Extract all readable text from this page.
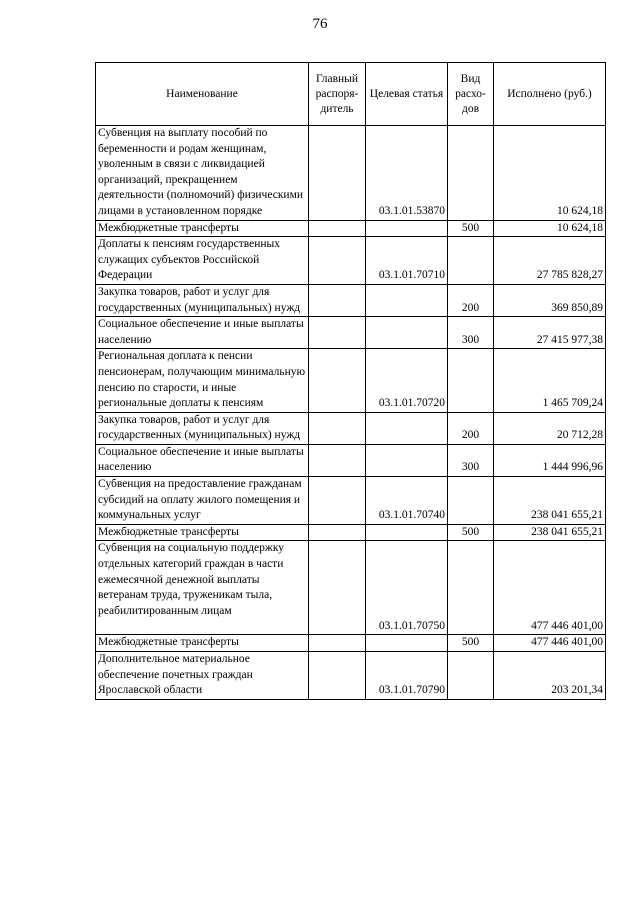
76
Наименование	Главный распоря-дитель	Целевая статья	Вид расхо-дов	Исполнено (руб.)
Субвенция на выплату пособий по беременности и родам женщинам, уволенным в связи с ликвидацией организаций, прекращением деятельности (полномочий) физическими лицами в установленном порядке		03.1.01.53870		10 624,18
Межбюджетные трансферты			500	10 624,18
Доплаты к пенсиям государственных служащих субъектов Российской Федерации		03.1.01.70710		27 785 828,27
Закупка товаров, работ и услуг для государственных (муниципальных) нужд			200	369 850,89
Социальное обеспечение и иные выплаты населению			300	27 415 977,38
Региональная доплата к пенсии пенсионерам, получающим минимальную пенсию по старости, и иные региональные доплаты к пенсиям		03.1.01.70720		1 465 709,24
Закупка товаров, работ и услуг для государственных (муниципальных) нужд			200	20 712,28
Социальное обеспечение и иные выплаты населению			300	1 444 996,96
Субвенция на предоставление гражданам субсидий на оплату жилого помещения и коммунальных услуг		03.1.01.70740		238 041 655,21
Межбюджетные трансферты			500	238 041 655,21
Субвенция на социальную поддержку отдельных категорий граждан в части ежемесячной денежной выплаты ветеранам труда, труженикам тыла, реабилитированным лицам		03.1.01.70750		477 446 401,00
Межбюджетные трансферты			500	477 446 401,00
Дополнительное материальное обеспечение почетных граждан Ярославской области		03.1.01.70790		203 201,34
